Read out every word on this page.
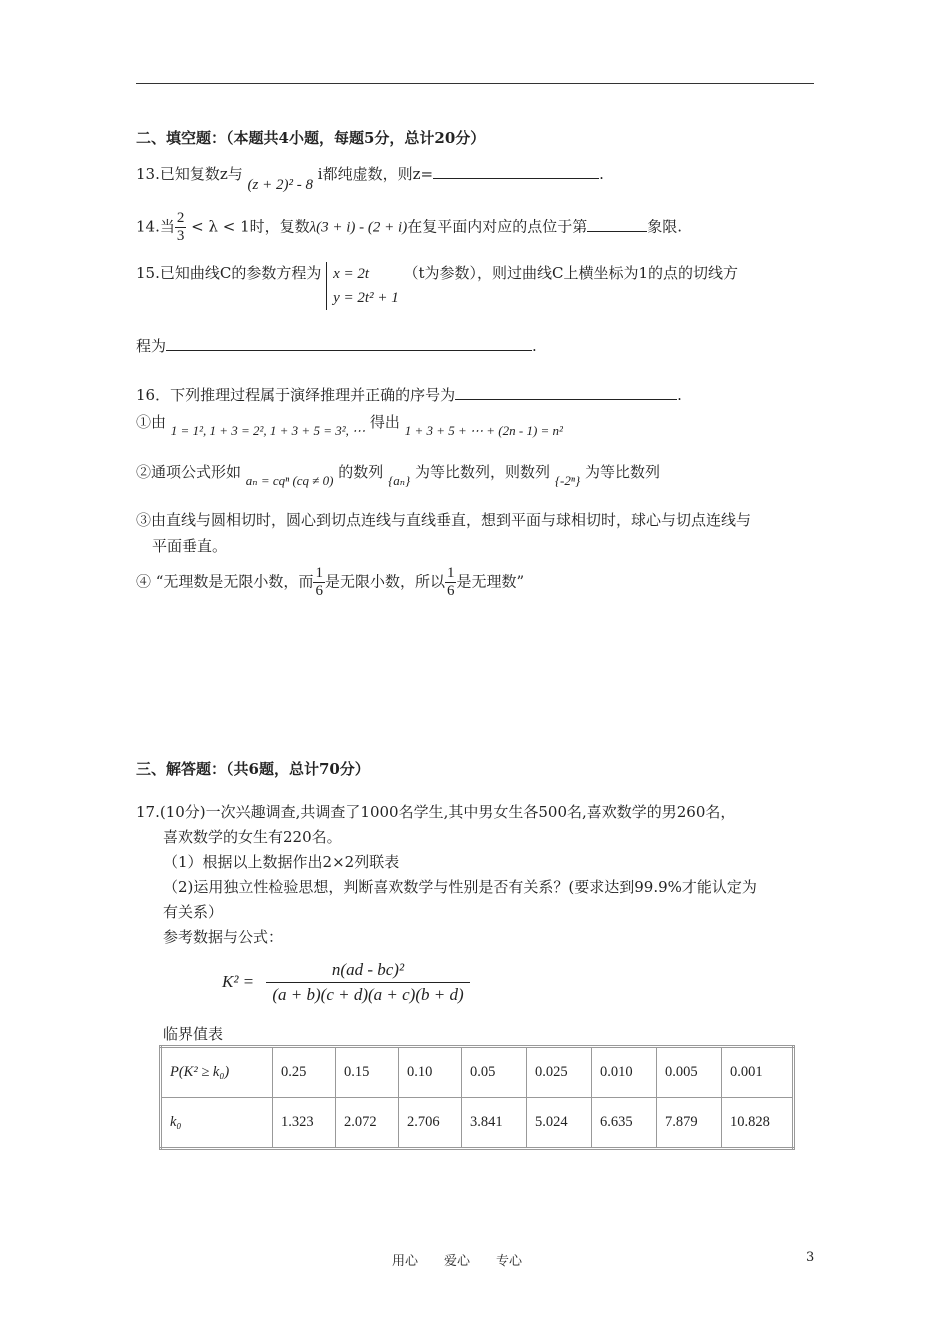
二、填空题：（本题共4小题，每题5分，总计20分）
13.已知复数z与 (z + 2)² - 8 i都纯虚数，则z=	.
14.当 $\frac{2}{3} < \lambda < 1$时，复数λ(3 + i) - (2 + i)在复平面内对应的点位于第	象限.
15.已知曲线C的参数方程为 x = 2t
y = 2t² + 1
（t为参数），则过曲线C上横坐标为1的点的切线方
程为	.
16．下列推理过程属于演绎推理并正确的序号为	.
①由 1 = 1², 1 + 3 = 2², 1 + 3 + 5 = 3², ⋯ 得出 1 + 3 + 5 + ⋯ + (2n - 1) = n²
②通项公式形如 aₙ = cqⁿ (cq ≠ 0) 的数列 {aₙ} 为等比数列，则数列 {-2ⁿ} 为等比数列
③由直线与圆相切时，圆心到切点连线与直线垂直，想到平面与球相切时，球心与切点连线与
平面垂直。
④ “无理数是无限小数，而 $\frac{1}{6}$ 是无限小数，所以 $\frac{1}{6}$ 是无理数”
三、解答题：（共6题，总计70分）
17.(10分)一次兴趣调查,共调查了1000名学生,其中男女生各500名,喜欢数学的男260名，
喜欢数学的女生有220名。
（1）根据以上数据作出2×2列联表
（2)运用独立性检验思想，判断喜欢数学与性别是否有关系？(要求达到99.9%才能认定为
有关系）
参考数据与公式：
$K^2 = \frac{\text{n(ad - bc)²}}{(a + b)(c + d)(a + c)(b + d)}$
临界值表
P(K² ≥ k₀)	0.25	0.15	0.10	0.05	0.025	0.010	0.005	0.001
k₀	1.323	2.072	2.706	3.841	5.024	6.635	7.879	10.828
用心　　爱心　　专心	3
